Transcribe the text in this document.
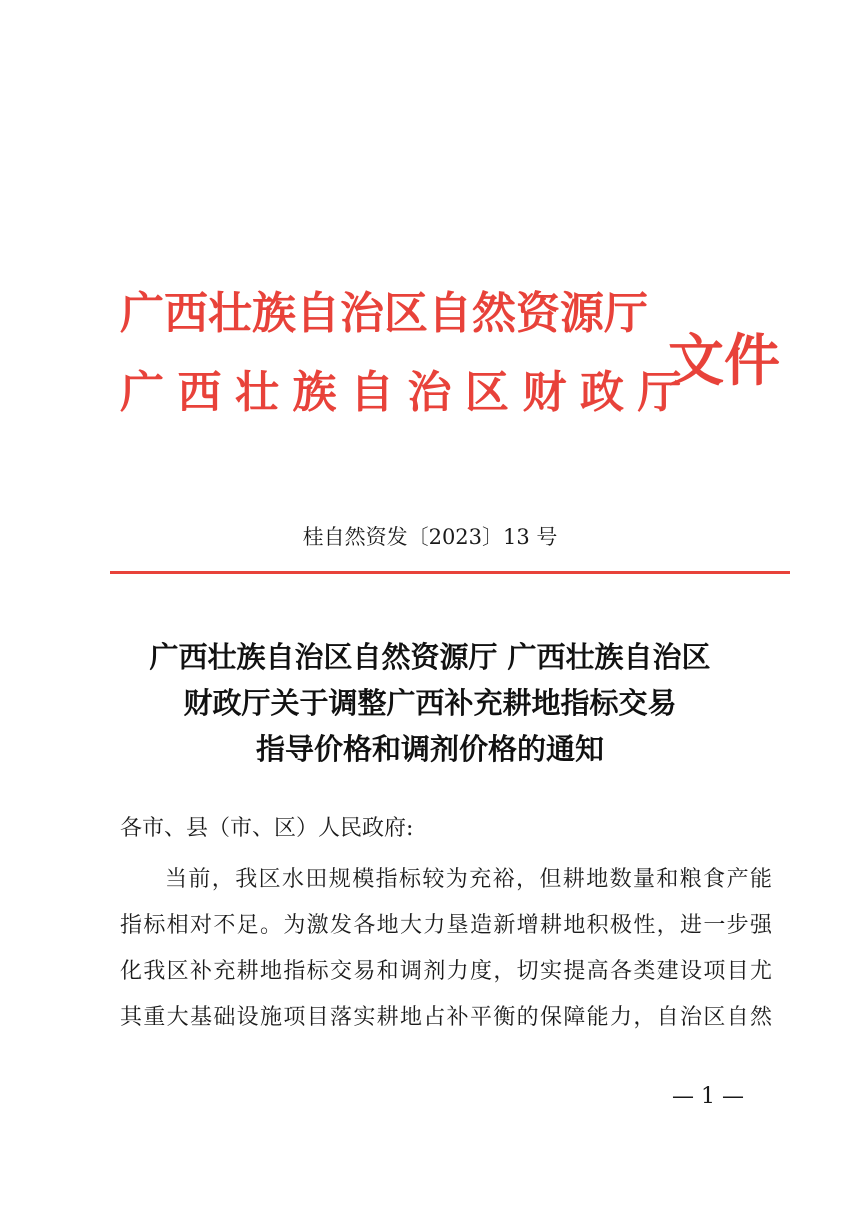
广西壮族自治区自然资源厅
广西壮族自治区财政厅
文件
桂自然资发〔2023〕13 号
广西壮族自治区自然资源厅 广西壮族自治区
财政厅关于调整广西补充耕地指标交易
指导价格和调剂价格的通知
各市、县（市、区）人民政府:
当前，我区水田规模指标较为充裕，但耕地数量和粮食产能
指标相对不足。为激发各地大力垦造新增耕地积极性，进一步强
化我区补充耕地指标交易和调剂力度，切实提高各类建设项目尤
其重大基础设施项目落实耕地占补平衡的保障能力，自治区自然
— 1 —
